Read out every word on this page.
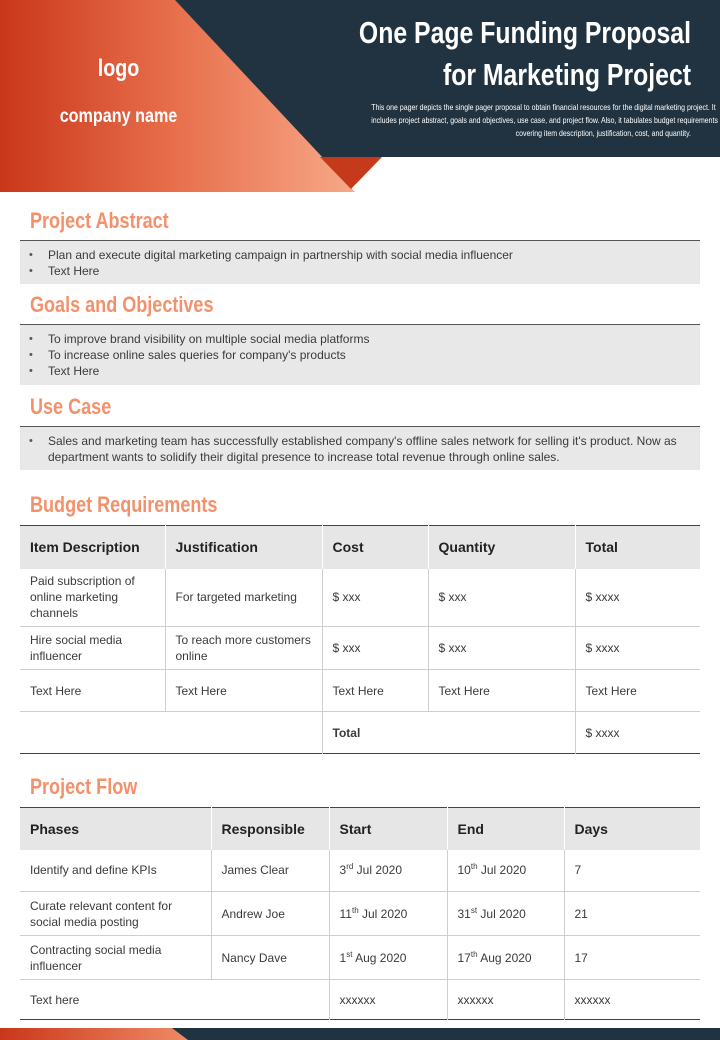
logo
company name
One Page Funding Proposal
for Marketing Project
This one pager depicts the single pager proposal to obtain financial resources for the digital marketing project. It
includes project abstract, goals and objectives, use case, and project flow. Also, it tabulates budget requirements
covering item description, justification, cost, and quantity.
Project Abstract
• Plan and execute digital marketing campaign in partnership with social media influencer
• Text Here
Goals and Objectives
• To improve brand visibility on multiple social media platforms
• To increase online sales queries for company's products
• Text Here
Use Case
• Sales and marketing team has successfully established company's offline sales network for selling it's product. Now as department wants to solidify their digital presence to increase total revenue through online sales.
Budget Requirements
Item Description	Justification	Cost	Quantity	Total
Paid subscription of online marketing channels	For targeted marketing	$ xxx	$ xxx	$ xxxx
Hire social media influencer	To reach more customers online	$ xxx	$ xxx	$ xxxx
Text Here	Text Here	Text Here	Text Here	Text Here
		Total		$ xxxx
Project Flow
Phases	Responsible	Start	End	Days
Identify and define KPIs	James Clear	3rd Jul 2020	10th Jul 2020	7
Curate relevant content for social media posting	Andrew Joe	11th Jul 2020	31st Jul 2020	21
Contracting social media influencer	Nancy Dave	1st Aug 2020	17th Aug 2020	17
Text here		xxxxxx	xxxxxx	xxxxxx
